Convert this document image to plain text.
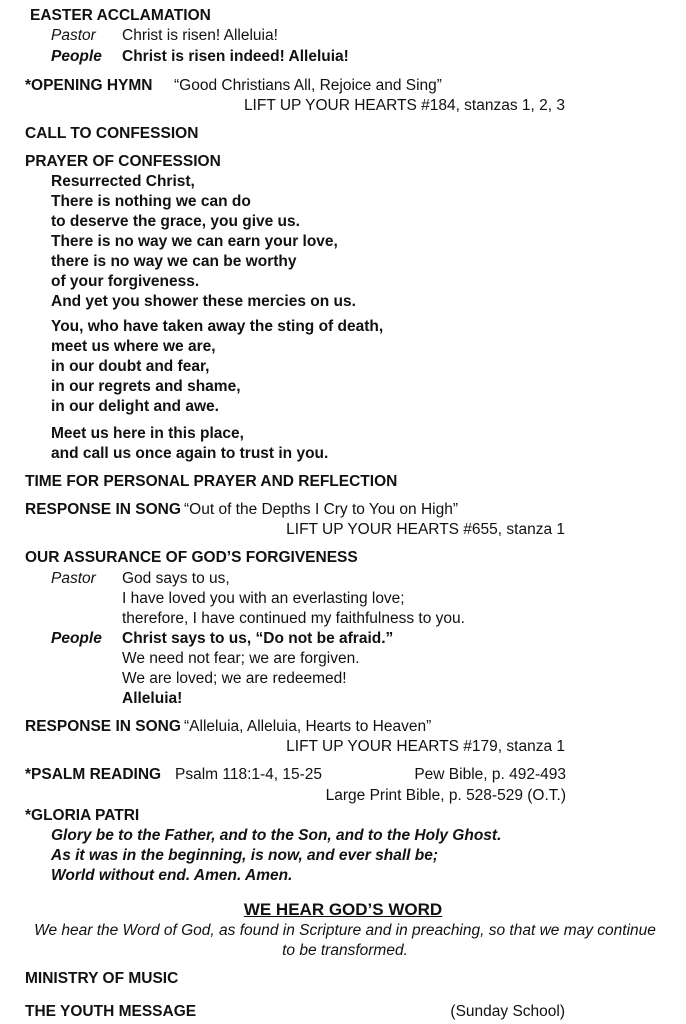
EASTER ACCLAMATION
Pastor Christ is risen! Alleluia!
People Christ is risen indeed! Alleluia!
*OPENING HYMN “Good Christians All, Rejoice and Sing”
LIFT UP YOUR HEARTS #184, stanzas 1, 2, 3
CALL TO CONFESSION
PRAYER OF CONFESSION
Resurrected Christ,
There is nothing we can do
to deserve the grace, you give us.
There is no way we can earn your love,
there is no way we can be worthy
of your forgiveness.
And yet you shower these mercies on us.
You, who have taken away the sting of death,
meet us where we are,
in our doubt and fear,
in our regrets and shame,
in our delight and awe.
Meet us here in this place,
and call us once again to trust in you.
TIME FOR PERSONAL PRAYER AND REFLECTION
RESPONSE IN SONG “Out of the Depths I Cry to You on High”
LIFT UP YOUR HEARTS #655, stanza 1
OUR ASSURANCE OF GOD’S FORGIVENESS
Pastor God says to us,
I have loved you with an everlasting love;
therefore, I have continued my faithfulness to you.
People Christ says to us, “Do not be afraid.”
We need not fear; we are forgiven.
We are loved; we are redeemed!
Alleluia!
RESPONSE IN SONG “Alleluia, Alleluia, Hearts to Heaven”
LIFT UP YOUR HEARTS #179, stanza 1
*PSALM READING Psalm 118:1-4, 15-25	Pew Bible, p. 492-493
Large Print Bible, p. 528-529 (O.T.)
*GLORIA PATRI
Glory be to the Father, and to the Son, and to the Holy Ghost.
As it was in the beginning, is now, and ever shall be;
World without end. Amen. Amen.
WE HEAR GOD’S WORD
We hear the Word of God, as found in Scripture and in preaching, so that we may continue to be transformed.
MINISTRY OF MUSIC
THE YOUTH MESSAGE	(Sunday School)
